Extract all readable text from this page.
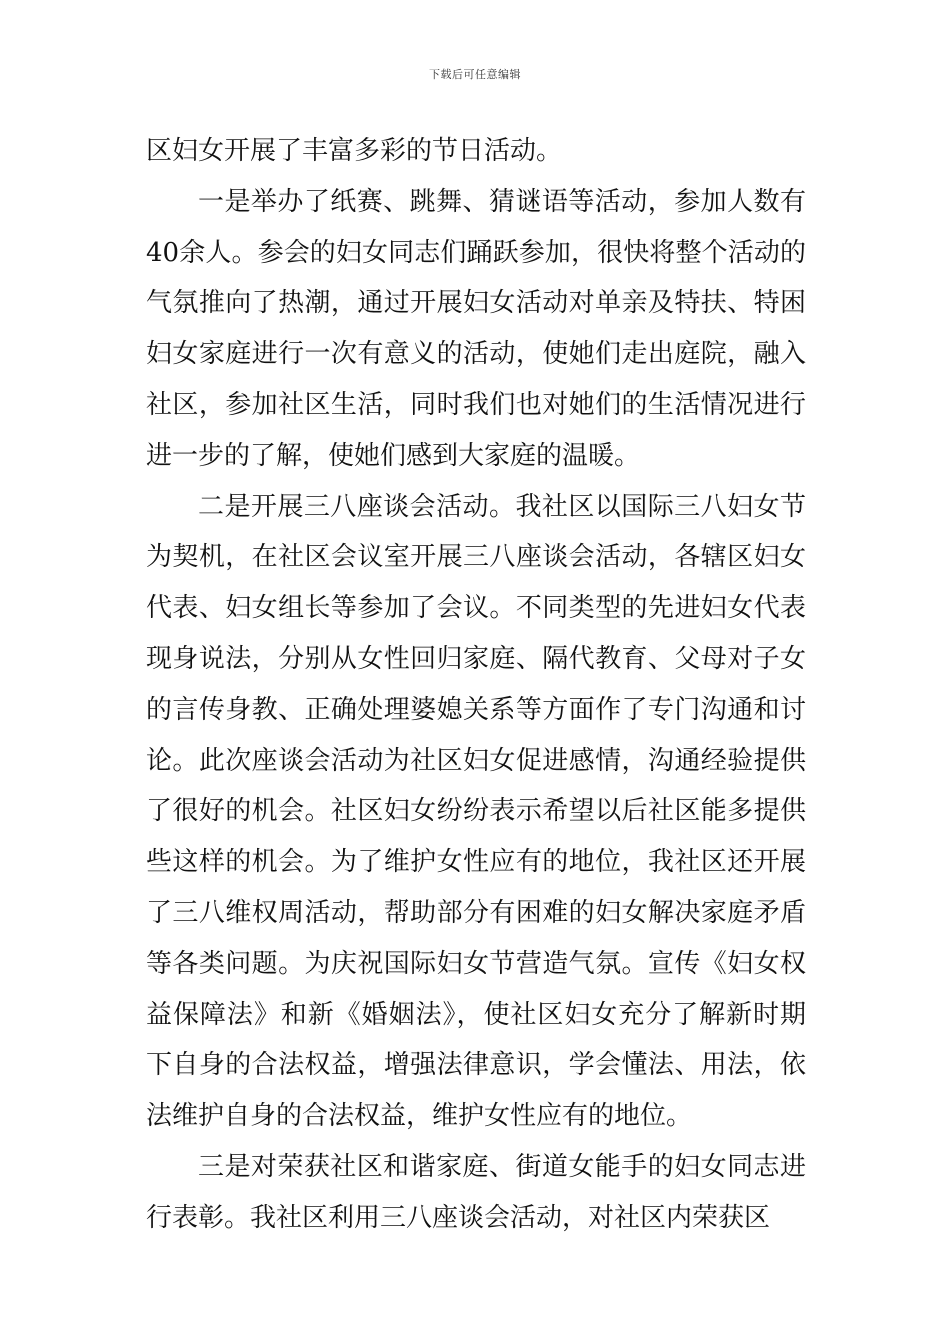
下载后可任意编辑

区妇女开展了丰富多彩的节日活动。

一是举办了纸赛、跳舞、猜谜语等活动，参加人数有40余人。参会的妇女同志们踊跃参加，很快将整个活动的气氛推向了热潮，通过开展妇女活动对单亲及特扶、特困妇女家庭进行一次有意义的活动，使她们走出庭院，融入社区，参加社区生活，同时我们也对她们的生活情况进行进一步的了解，使她们感到大家庭的温暖。

二是开展三八座谈会活动。我社区以国际三八妇女节为契机，在社区会议室开展三八座谈会活动，各辖区妇女代表、妇女组长等参加了会议。不同类型的先进妇女代表现身说法，分别从女性回归家庭、隔代教育、父母对子女的言传身教、正确处理婆媳关系等方面作了专门沟通和讨论。此次座谈会活动为社区妇女促进感情，沟通经验提供了很好的机会。社区妇女纷纷表示希望以后社区能多提供些这样的机会。为了维护女性应有的地位，我社区还开展了三八维权周活动，帮助部分有困难的妇女解决家庭矛盾等各类问题。为庆祝国际妇女节营造气氛。宣传《妇女权益保障法》和新《婚姻法》，使社区妇女充分了解新时期下自身的合法权益，增强法律意识，学会懂法、用法，依法维护自身的合法权益，维护女性应有的地位。

三是对荣获社区和谐家庭、街道女能手的妇女同志进行表彰。我社区利用三八座谈会活动，对社区内荣获区
